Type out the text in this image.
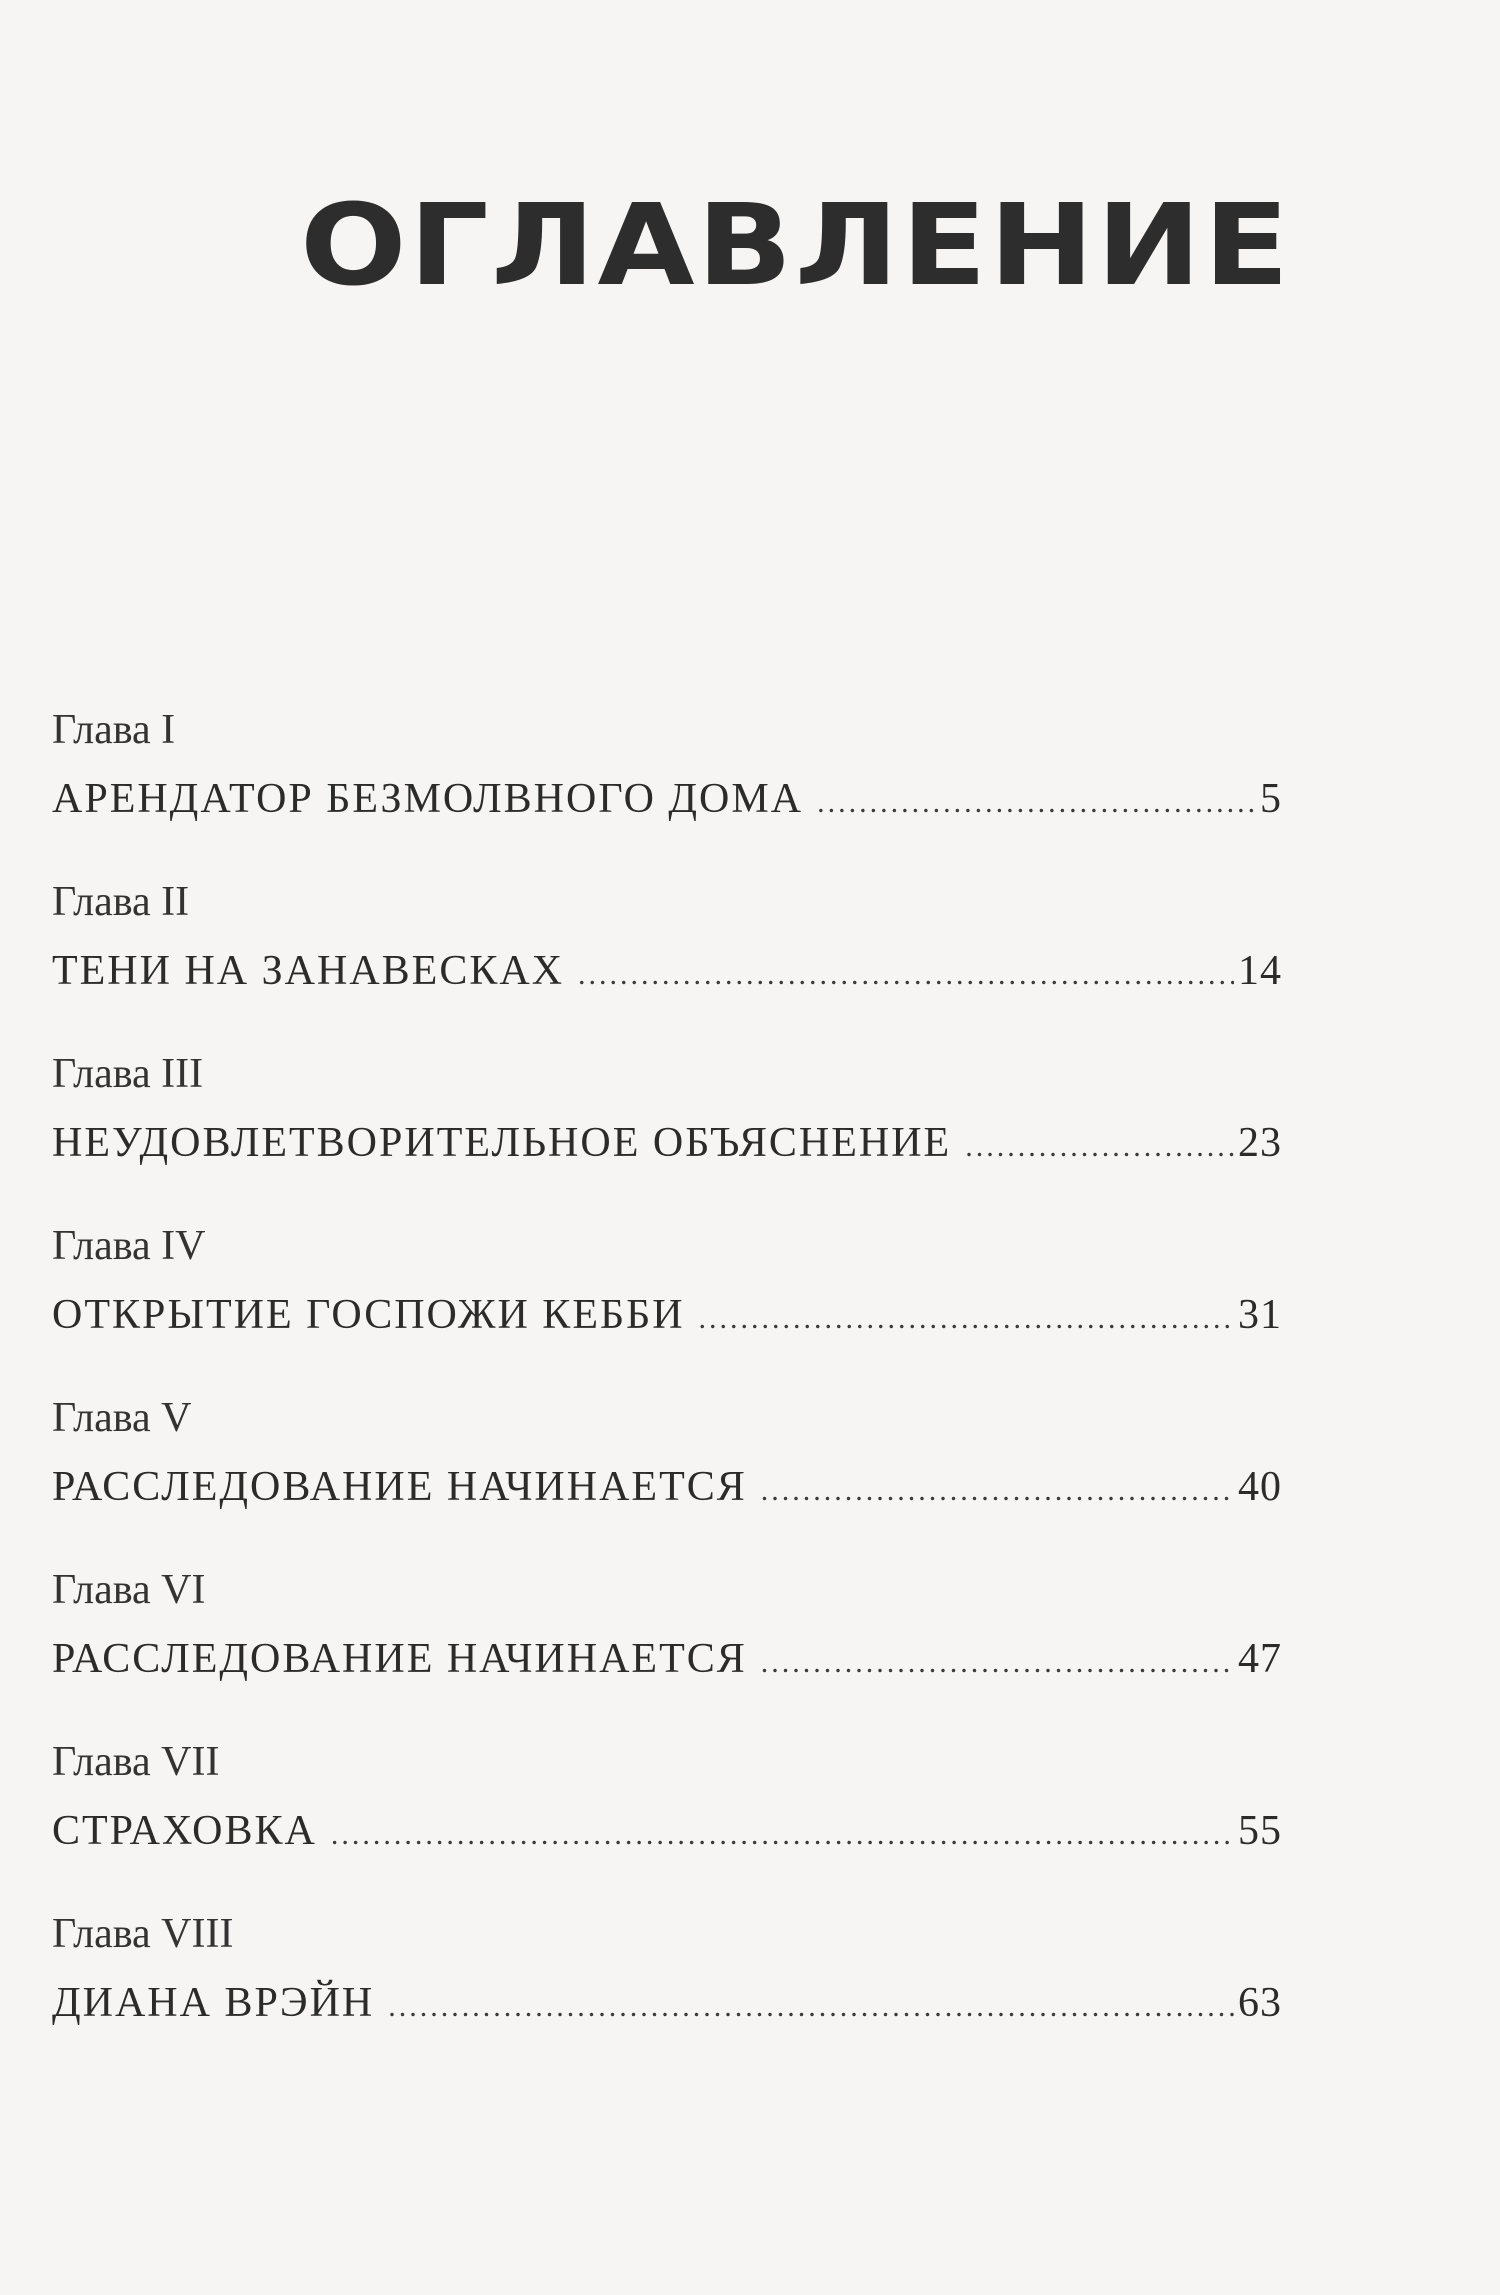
ОГЛАВЛЕНИЕ
Глава I
АРЕНДАТОР БЕЗМОЛВНОГО ДОМА .....	5
Глава II
ТЕНИ НА ЗАНАВЕСКАХ .....	14
Глава III
НЕУДОВЛЕТВОРИТЕЛЬНОЕ ОБЪЯСНЕНИЕ .....	23
Глава IV
ОТКРЫТИЕ ГОСПОЖИ КЕББИ .....	31
Глава V
РАССЛЕДОВАНИЕ НАЧИНАЕТСЯ .....	40
Глава VI
РАССЛЕДОВАНИЕ НАЧИНАЕТСЯ .....	47
Глава VII
СТРАХОВКА .....	55
Глава VIII
ДИАНА ВРЭЙН .....	63
